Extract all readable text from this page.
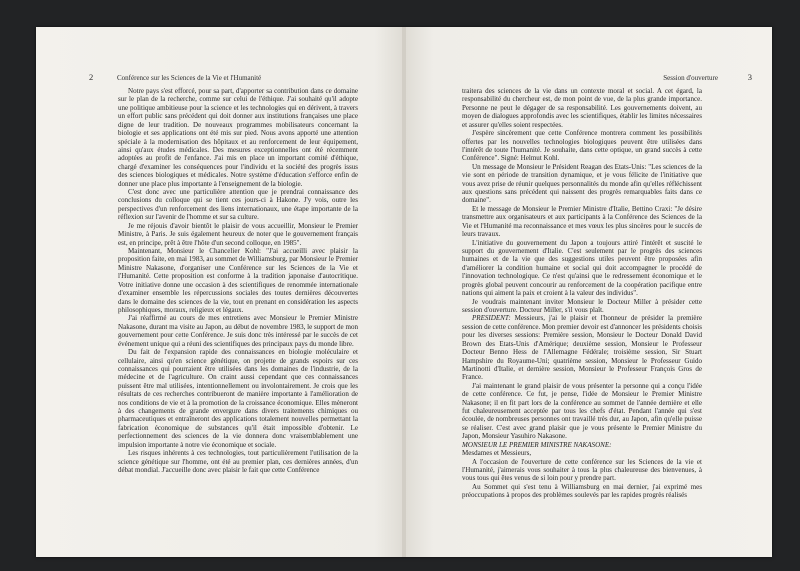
2	Conférence sur les Sciences de la Vie et l'Humanité

Notre pays s'est efforcé, pour sa part, d'apporter sa contribution dans ce domaine sur le plan de la recherche, comme sur celui de l'éthique. J'ai souhaité qu'il adopte une politique ambitieuse pour la science et les technologies qui en dérivent, à travers un effort public sans précédent qui doit donner aux institutions françaises une place digne de leur tradition. De nouveaux programmes mobilisateurs concernant la biologie et ses applications ont été mis sur pied. Nous avons apporté une attention spéciale à la modernisation des hôpitaux et au renforcement de leur équipement, ainsi qu'aux études médicales. Des mesures exceptionnelles ont été récemment adoptées au profit de l'enfance. J'ai mis en place un important comité d'éthique, chargé d'examiner les conséquences pour l'individu et la société des progrès issus des sciences biologiques et médicales. Notre système d'éducation s'efforce enfin de donner une place plus importante à l'enseignement de la biologie.

C'est donc avec une particulière attention que je prendrai connaissance des conclusions du colloque qui se tient ces jours-ci à Hakone. J'y vois, outre les perspectives d'un renforcement des liens internationaux, une étape importante de la réflexion sur l'avenir de l'homme et sur sa culture.

Je me réjouis d'avoir bientôt le plaisir de vous accueillir, Monsieur le Premier Ministre, à Paris. Je suis également heureux de noter que le gouvernement français est, en principe, prêt à être l'hôte d'un second colloque, en 1985".

Maintenant, Monsieur le Chancelier Kohl: "J'ai accueilli avec plaisir la proposition faite, en mai 1983, au sommet de Williamsburg, par Monsieur le Premier Ministre Nakasone, d'organiser une Conférence sur les Sciences de la Vie et l'Humanité. Cette proposition est conforme à la tradition japonaise d'autocritique. Votre initiative donne une occasion à des scientifiques de renommée internationale d'examiner ensemble les répercussions sociales des toutes dernières découvertes dans le domaine des sciences de la vie, tout en prenant en considération les aspects philosophiques, moraux, religieux et légaux.

J'ai réaffirmé au cours de mes entretiens avec Monsieur le Premier Ministre Nakasone, durant ma visite au Japon, au début de novembre 1983, le support de mon gouvernement pour cette Conférence. Je suis donc très intéressé par le succès de cet événement unique qui a réuni des scientifiques des principaux pays du monde libre.

Du fait de l'expansion rapide des connaissances en biologie moléculaire et cellulaire, ainsi qu'en science génétique, on projette de grands espoirs sur ces connaissances qui pourraient être utilisées dans les domaines de l'industrie, de la médecine et de l'agriculture. On craint aussi cependant que ces connaissances puissent être mal utilisées, intentionnellement ou involontairement. Je crois que les résultats de ces recherches contribueront de manière importante à l'amélioration de nos conditions de vie et à la promotion de la croissance économique. Elles mèneront à des changements de grande envergure dans divers traitements chimiques ou pharmaceutiques et entraîneront des applications totalement nouvelles permettant la fabrication économique de substances qu'il était impossible d'obtenir. Le perfectionnement des sciences de la vie donnera donc vraisemblablement une impulsion importante à notre vie économique et sociale.

Les risques inhérents à ces technologies, tout particulièrement l'utilisation de la science génétique sur l'homme, ont été au premier plan, ces dernières années, d'un débat mondial. J'accueille donc avec plaisir le fait que cette Conférence

Session d'ouverture	3

traitera des sciences de la vie dans un contexte moral et social. A cet égard, la responsabilité du chercheur est, de mon point de vue, de la plus grande importance. Personne ne peut le dégager de sa responsabilité. Les gouvernements doivent, au moyen de dialogues approfondis avec les scientifiques, établir les limites nécessaires et assurer qu'elles soient respectées.

J'espère sincèrement que cette Conférence montrera comment les possibilités offertes par les nouvelles technologies biologiques peuvent être utilisées dans l'intérêt de toute l'humanité. Je souhaite, dans cette optique, un grand succès à cette Conférence". Signé: Helmut Kohl.

Un message de Monsieur le Président Reagan des Etats-Unis: "Les sciences de la vie sont en période de transition dynamique, et je vous félicite de l'initiative que vous avez prise de réunir quelques personnalités du monde afin qu'elles réfléchissent aux questions sans précédent qui naissent des progrès remarquables faits dans ce domaine".

Et le message de Monsieur le Premier Ministre d'Italie, Bettino Craxi: "Je désire transmettre aux organisateurs et aux participants à la Conférence des Sciences de la Vie et l'Humanité ma reconnaissance et mes vœux les plus sincères pour le succès de leurs travaux.

L'initiative du gouvernement du Japon a toujours attiré l'intérêt et suscité le support du gouvernement d'Italie. C'est seulement par le progrès des sciences humaines et de la vie que des suggestions utiles peuvent être proposées afin d'améliorer la condition humaine et social qui doit accompagner le procédé de l'innovation technologique. Ce n'est qu'ainsi que le redressement économique et le progrès global peuvent concourir au renforcement de la coopération pacifique entre nations qui aiment la paix et croient à la valeur des individus".

Je voudrais maintenant inviter Monsieur le Docteur Miller à présider cette session d'ouverture. Docteur Miller, s'il vous plaît.

PRESIDENT: Messieurs, j'ai le plaisir et l'honneur de présider la première session de cette conférence. Mon premier devoir est d'annoncer les présidents choisis pour les diverses sessions: Première session, Monsieur le Docteur Donald David Brown des Etats-Unis d'Amérique; deuxième session, Monsieur le Professeur Docteur Benno Hess de l'Allemagne Fédérale; troisième session, Sir Stuart Hampshire du Royaume-Uni; quatrième session, Monsieur le Professeur Guido Martinotti d'Italie, et dernière session, Monsieur le Professeur François Gros de France.

J'ai maintenant le grand plaisir de vous présenter la personne qui a conçu l'idée de cette conférence. Ce fut, je pense, l'idée de Monsieur le Premier Ministre Nakasone; il en fit part lors de la conférence au sommet de l'année dernière et elle fut chaleureusement acceptée par tous les chefs d'état. Pendant l'année qui s'est écoulée, de nombreuses personnes ont travaillé très dur, au Japon, afin qu'elle puisse se réaliser. C'est avec grand plaisir que je vous présente le Premier Ministre du Japon, Monsieur Yasuhiro Nakasone.

MONSIEUR LE PREMIER MINISTRE NAKASONE:

Mesdames et Messieurs,

A l'occasion de l'ouverture de cette conférence sur les Sciences de la vie et l'Humanité, j'aimerais vous souhaiter à tous la plus chaleureuse des bienvenues, à vous tous qui êtes venus de si loin pour y prendre part.

Au Sommet qui s'est tenu à Williamsburg en mai dernier, j'ai exprimé mes préoccupations à propos des problèmes soulevés par les rapides progrès réalisés
